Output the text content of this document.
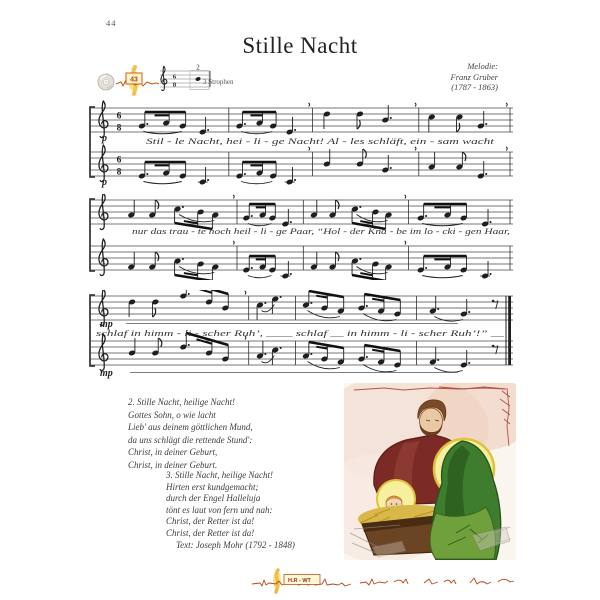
44
Stille Nacht
Melodie:
Franz Gruber
(1787 - 1863)
43	6
8
2
3 Strophen
6
8
6
8
p
p
Stil - le Nacht, hei - li - ge Nacht! Al - les schläft, ein - sam wacht
nur das trau - te hoch heil - li - ge Paar, “Hol - der Kna - be im lo - cki - gen Haar,
mp
mp
schlaf in himm - li - scher Ruh’, ____ schlaf __ in himm - li - scher Ruh’!” __
2. Stille Nacht, heilige Nacht!
Gottes Sohn, o wie lacht
Lieb' aus deinem göttlichen Mund,
da uns schlägt die rettende Stund':
Christ, in deiner Geburt,
Christ, in deiner Geburt.
3. Stille Nacht, heilige Nacht!
Hirten erst kundgemacht;
durch der Engel Halleluja
tönt es laut von fern und nah:
Christ, der Retter ist da!
Christ, der Retter ist da!
Text: Joseph Mohr (1792 - 1848)
H.R - WT
